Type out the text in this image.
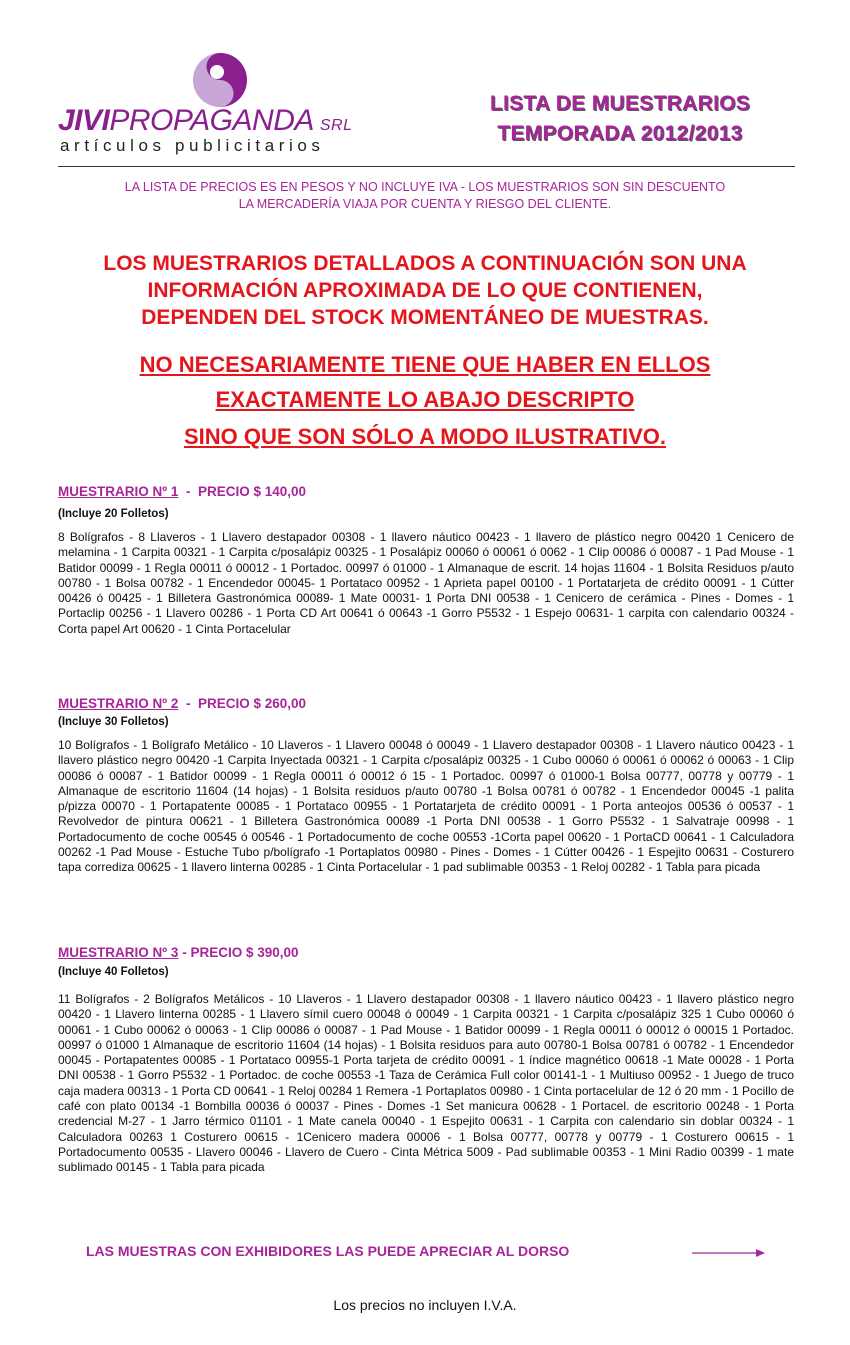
JIVIPROPAGANDA SRL
artículos publicitarios
LISTA DE MUESTRARIOS
TEMPORADA 2012/2013
LA LISTA DE PRECIOS ES EN PESOS Y NO INCLUYE IVA - LOS MUESTRARIOS SON SIN DESCUENTO
LA MERCADERÍA VIAJA POR CUENTA Y RIESGO DEL CLIENTE.
LOS MUESTRARIOS DETALLADOS A CONTINUACIÓN SON UNA
INFORMACIÓN APROXIMADA DE LO QUE CONTIENEN,
DEPENDEN DEL STOCK MOMENTÁNEO DE MUESTRAS.
NO NECESARIAMENTE TIENE QUE HABER EN ELLOS
EXACTAMENTE LO ABAJO DESCRIPTO
SINO QUE SON SÓLO A MODO ILUSTRATIVO.
MUESTRARIO Nº 1 - PRECIO $ 140,00
(Incluye 20 Folletos)
8 Bolígrafos - 8 Llaveros - 1 Llavero destapador 00308 - 1 llavero náutico 00423 - 1 llavero de plástico negro 00420 1 Cenicero de melamina - 1 Carpita 00321 - 1 Carpita c/posalápiz 00325 - 1 Posalápiz 00060 ó 00061 ó 0062 - 1 Clip 00086 ó 00087 - 1 Pad Mouse - 1 Batidor 00099 - 1 Regla 00011 ó 00012 - 1 Portadoc. 00997 ó 01000 - 1 Almanaque de escrit. 14 hojas 11604 - 1 Bolsita Residuos p/auto 00780 - 1 Bolsa 00782 - 1 Encendedor 00045- 1 Portataco 00952 - 1 Aprieta papel 00100 - 1 Portatarjeta de crédito 00091 - 1 Cútter 00426 ó 00425 - 1 Billetera Gastronómica 00089- 1 Mate 00031- 1 Porta DNI 00538 - 1 Cenicero de cerámica - Pines - Domes - 1 Portaclip 00256 - 1 Llavero 00286 - 1 Porta CD Art 00641 ó 00643 -1 Gorro P5532 - 1 Espejo 00631- 1 carpita con calendario 00324 - Corta papel Art 00620 - 1 Cinta Portacelular
MUESTRARIO Nº 2 - PRECIO $ 260,00
(Incluye 30 Folletos)
10 Bolígrafos - 1 Bolígrafo Metálico - 10 Llaveros - 1 Llavero 00048 ó 00049 - 1 Llavero destapador 00308 - 1 Llavero náutico 00423 - 1 llavero plástico negro 00420 -1 Carpita Inyectada 00321 - 1 Carpita c/posalápiz 00325 - 1 Cubo 00060 ó 00061 ó 00062 ó 00063 - 1 Clip 00086 ó 00087 - 1 Batidor 00099 - 1 Regla 00011 ó 00012 ó 15 - 1 Portadoc. 00997 ó 01000-1 Bolsa 00777, 00778 y 00779 - 1 Almanaque de escritorio 11604 (14 hojas) - 1 Bolsita residuos p/auto 00780 -1 Bolsa 00781 ó 00782 - 1 Encendedor 00045 -1 palita p/pizza 00070 - 1 Portapatente 00085 - 1 Portataco 00955 - 1 Portatarjeta de crédito 00091 - 1 Porta anteojos 00536 ó 00537 - 1 Revolvedor de pintura 00621 - 1 Billetera Gastronómica 00089 -1 Porta DNI 00538 - 1 Gorro P5532 - 1 Salvatraje 00998 - 1 Portadocumento de coche 00545 ó 00546 - 1 Portadocumento de coche 00553 -1Corta papel 00620 - 1 PortaCD 00641 - 1 Calculadora 00262 -1 Pad Mouse - Estuche Tubo p/bolígrafo -1 Portaplatos 00980 - Pines - Domes - 1 Cútter 00426 - 1 Espejito 00631 - Costurero tapa corrediza 00625 - 1 llavero linterna 00285 - 1 Cinta Portacelular - 1 pad sublimable 00353 - 1 Reloj 00282 - 1 Tabla para picada
MUESTRARIO Nº 3 - PRECIO $ 390,00
(Incluye 40 Folletos)
11 Bolígrafos - 2 Bolígrafos Metálicos - 10 Llaveros - 1 Llavero destapador 00308 - 1 llavero náutico 00423 - 1 llavero plástico negro 00420 - 1 Llavero linterna 00285 - 1 Llavero símil cuero 00048 ó 00049 - 1 Carpita 00321 - 1 Carpita c/posalápiz 325 1 Cubo 00060 ó 00061 - 1 Cubo 00062 ó 00063 - 1 Clip 00086 ó 00087 - 1 Pad Mouse - 1 Batidor 00099 - 1 Regla 00011 ó 00012 ó 00015 1 Portadoc. 00997 ó 01000 1 Almanaque de escritorio 11604 (14 hojas) - 1 Bolsita residuos para auto 00780-1 Bolsa 00781 ó 00782 - 1 Encendedor 00045 - Portapatentes 00085 - 1 Portataco 00955-1 Porta tarjeta de crédito 00091 - 1 índice magnético 00618 -1 Mate 00028 - 1 Porta DNI 00538 - 1 Gorro P5532 - 1 Portadoc. de coche 00553 -1 Taza de Cerámica Full color 00141-1 - 1 Multiuso 00952 - 1 Juego de truco caja madera 00313 - 1 Porta CD 00641 - 1 Reloj 00284 1 Remera -1 Portaplatos 00980 - 1 Cinta portacelular de 12 ó 20 mm - 1 Pocillo de café con plato 00134 -1 Bombilla 00036 ó 00037 - Pines - Domes -1 Set manicura 00628 - 1 Portacel. de escritorio 00248 - 1 Porta credencial M-27 - 1 Jarro térmico 01101 - 1 Mate canela 00040 - 1 Espejito 00631 - 1 Carpita con calendario sin doblar 00324 - 1 Calculadora 00263 1 Costurero 00615 - 1Cenicero madera 00006 - 1 Bolsa 00777, 00778 y 00779 - 1 Costurero 00615 - 1 Portadocumento 00535 - Llavero 00046 - Llavero de Cuero - Cinta Métrica 5009 - Pad sublimable 00353 - 1 Mini Radio 00399 - 1 mate sublimado 00145 - 1 Tabla para picada
LAS MUESTRAS CON EXHIBIDORES LAS PUEDE APRECIAR AL DORSO
Los precios no incluyen I.V.A.
